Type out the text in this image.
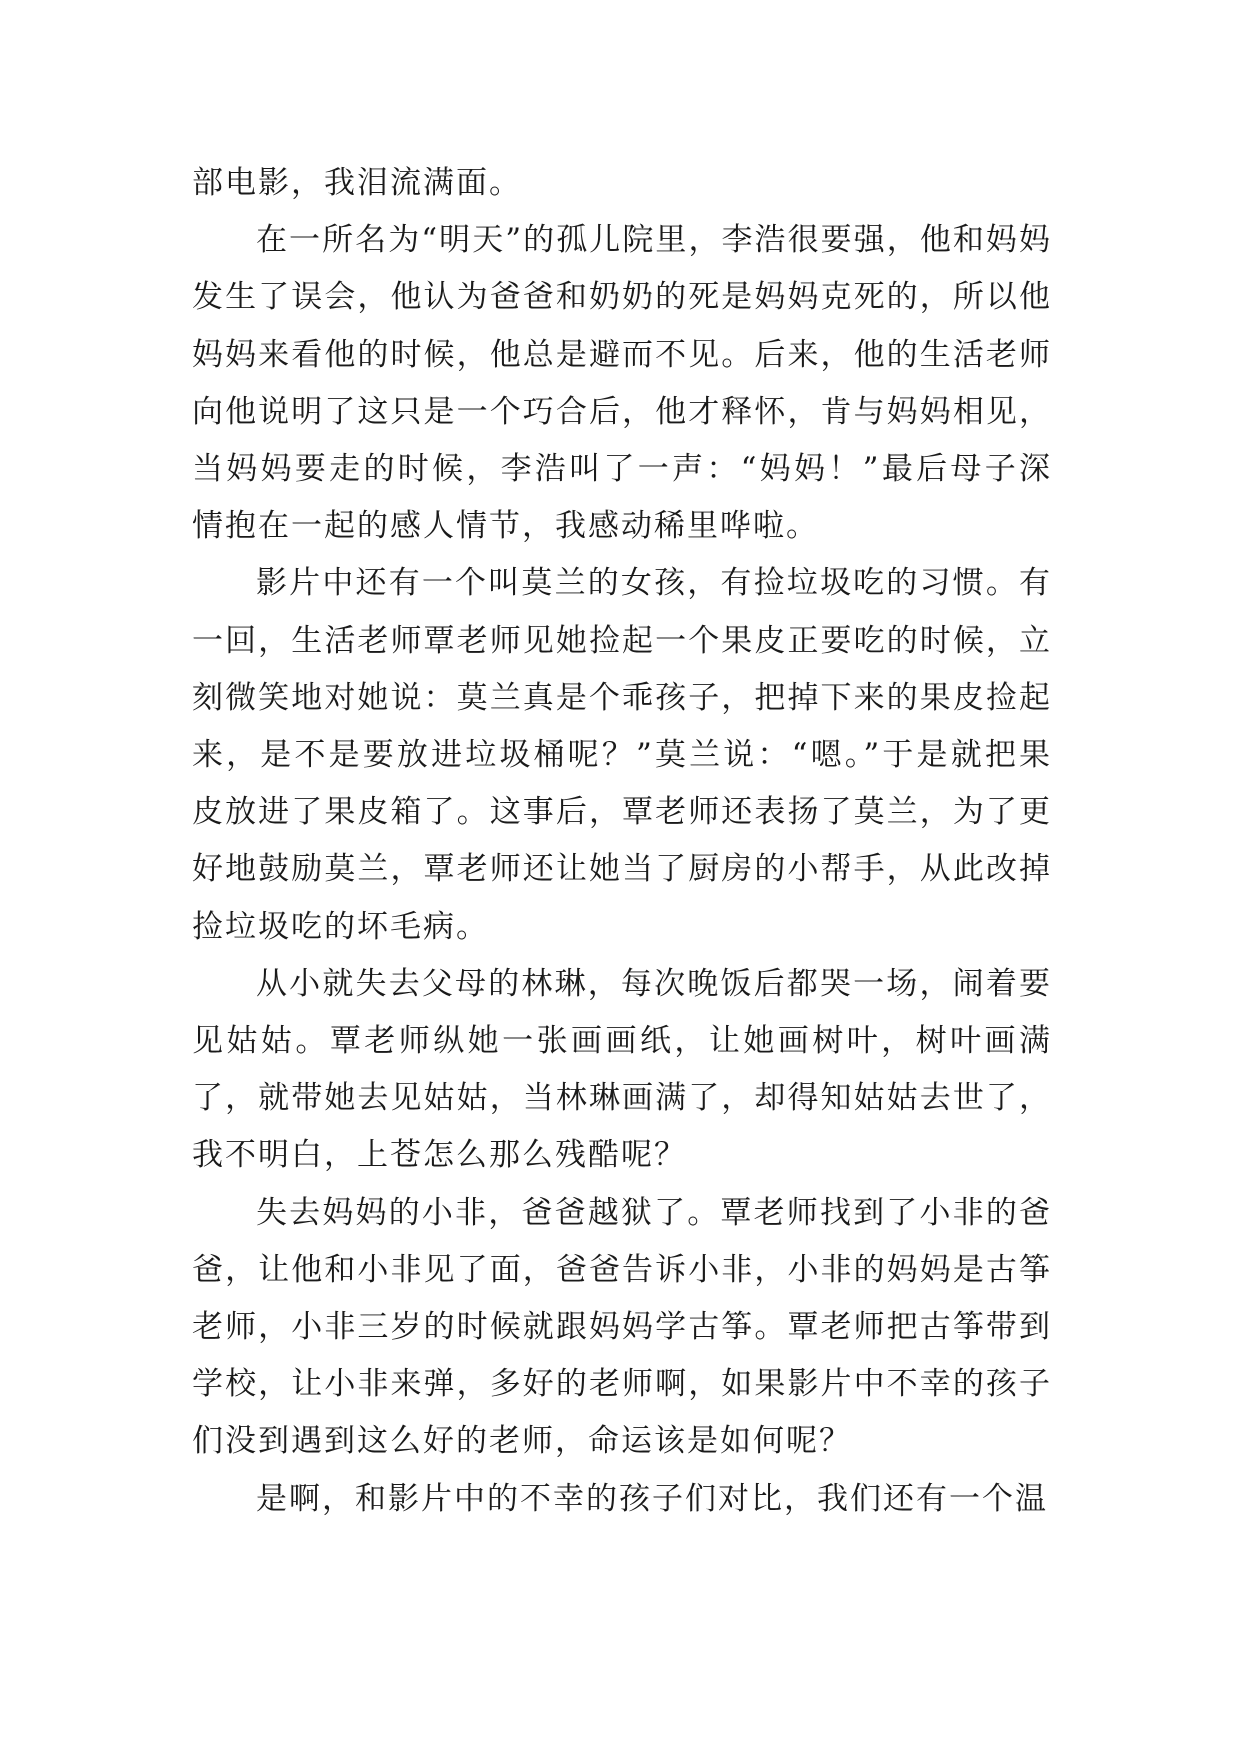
部电影，我泪流满面。

在一所名为“明天”的孤儿院里，李浩很要强，他和妈妈发生了误会，他认为爸爸和奶奶的死是妈妈克死的，所以他妈妈来看他的时候，他总是避而不见。后来，他的生活老师向他说明了这只是一个巧合后，他才释怀，肯与妈妈相见，当妈妈要走的时候，李浩叫了一声：“妈妈！”最后母子深情抱在一起的感人情节，我感动稀里哗啦。

影片中还有一个叫莫兰的女孩，有捡垃圾吃的习惯。有一回，生活老师覃老师见她捡起一个果皮正要吃的时候，立刻微笑地对她说：莫兰真是个乖孩子，把掉下来的果皮捡起来，是不是要放进垃圾桶呢？”莫兰说：“嗯。”于是就把果皮放进了果皮箱了。这事后，覃老师还表扬了莫兰，为了更好地鼓励莫兰，覃老师还让她当了厨房的小帮手，从此改掉捡垃圾吃的坏毛病。

从小就失去父母的林琳，每次晚饭后都哭一场，闹着要见姑姑。覃老师纵她一张画画纸，让她画树叶，树叶画满了，就带她去见姑姑，当林琳画满了，却得知姑姑去世了，我不明白，上苍怎么那么残酷呢？

失去妈妈的小非，爸爸越狱了。覃老师找到了小非的爸爸，让他和小非见了面，爸爸告诉小非，小非的妈妈是古筝老师，小非三岁的时候就跟妈妈学古筝。覃老师把古筝带到学校，让小非来弹，多好的老师啊，如果影片中不幸的孩子们没到遇到这么好的老师，命运该是如何呢？

是啊，和影片中的不幸的孩子们对比，我们还有一个温
